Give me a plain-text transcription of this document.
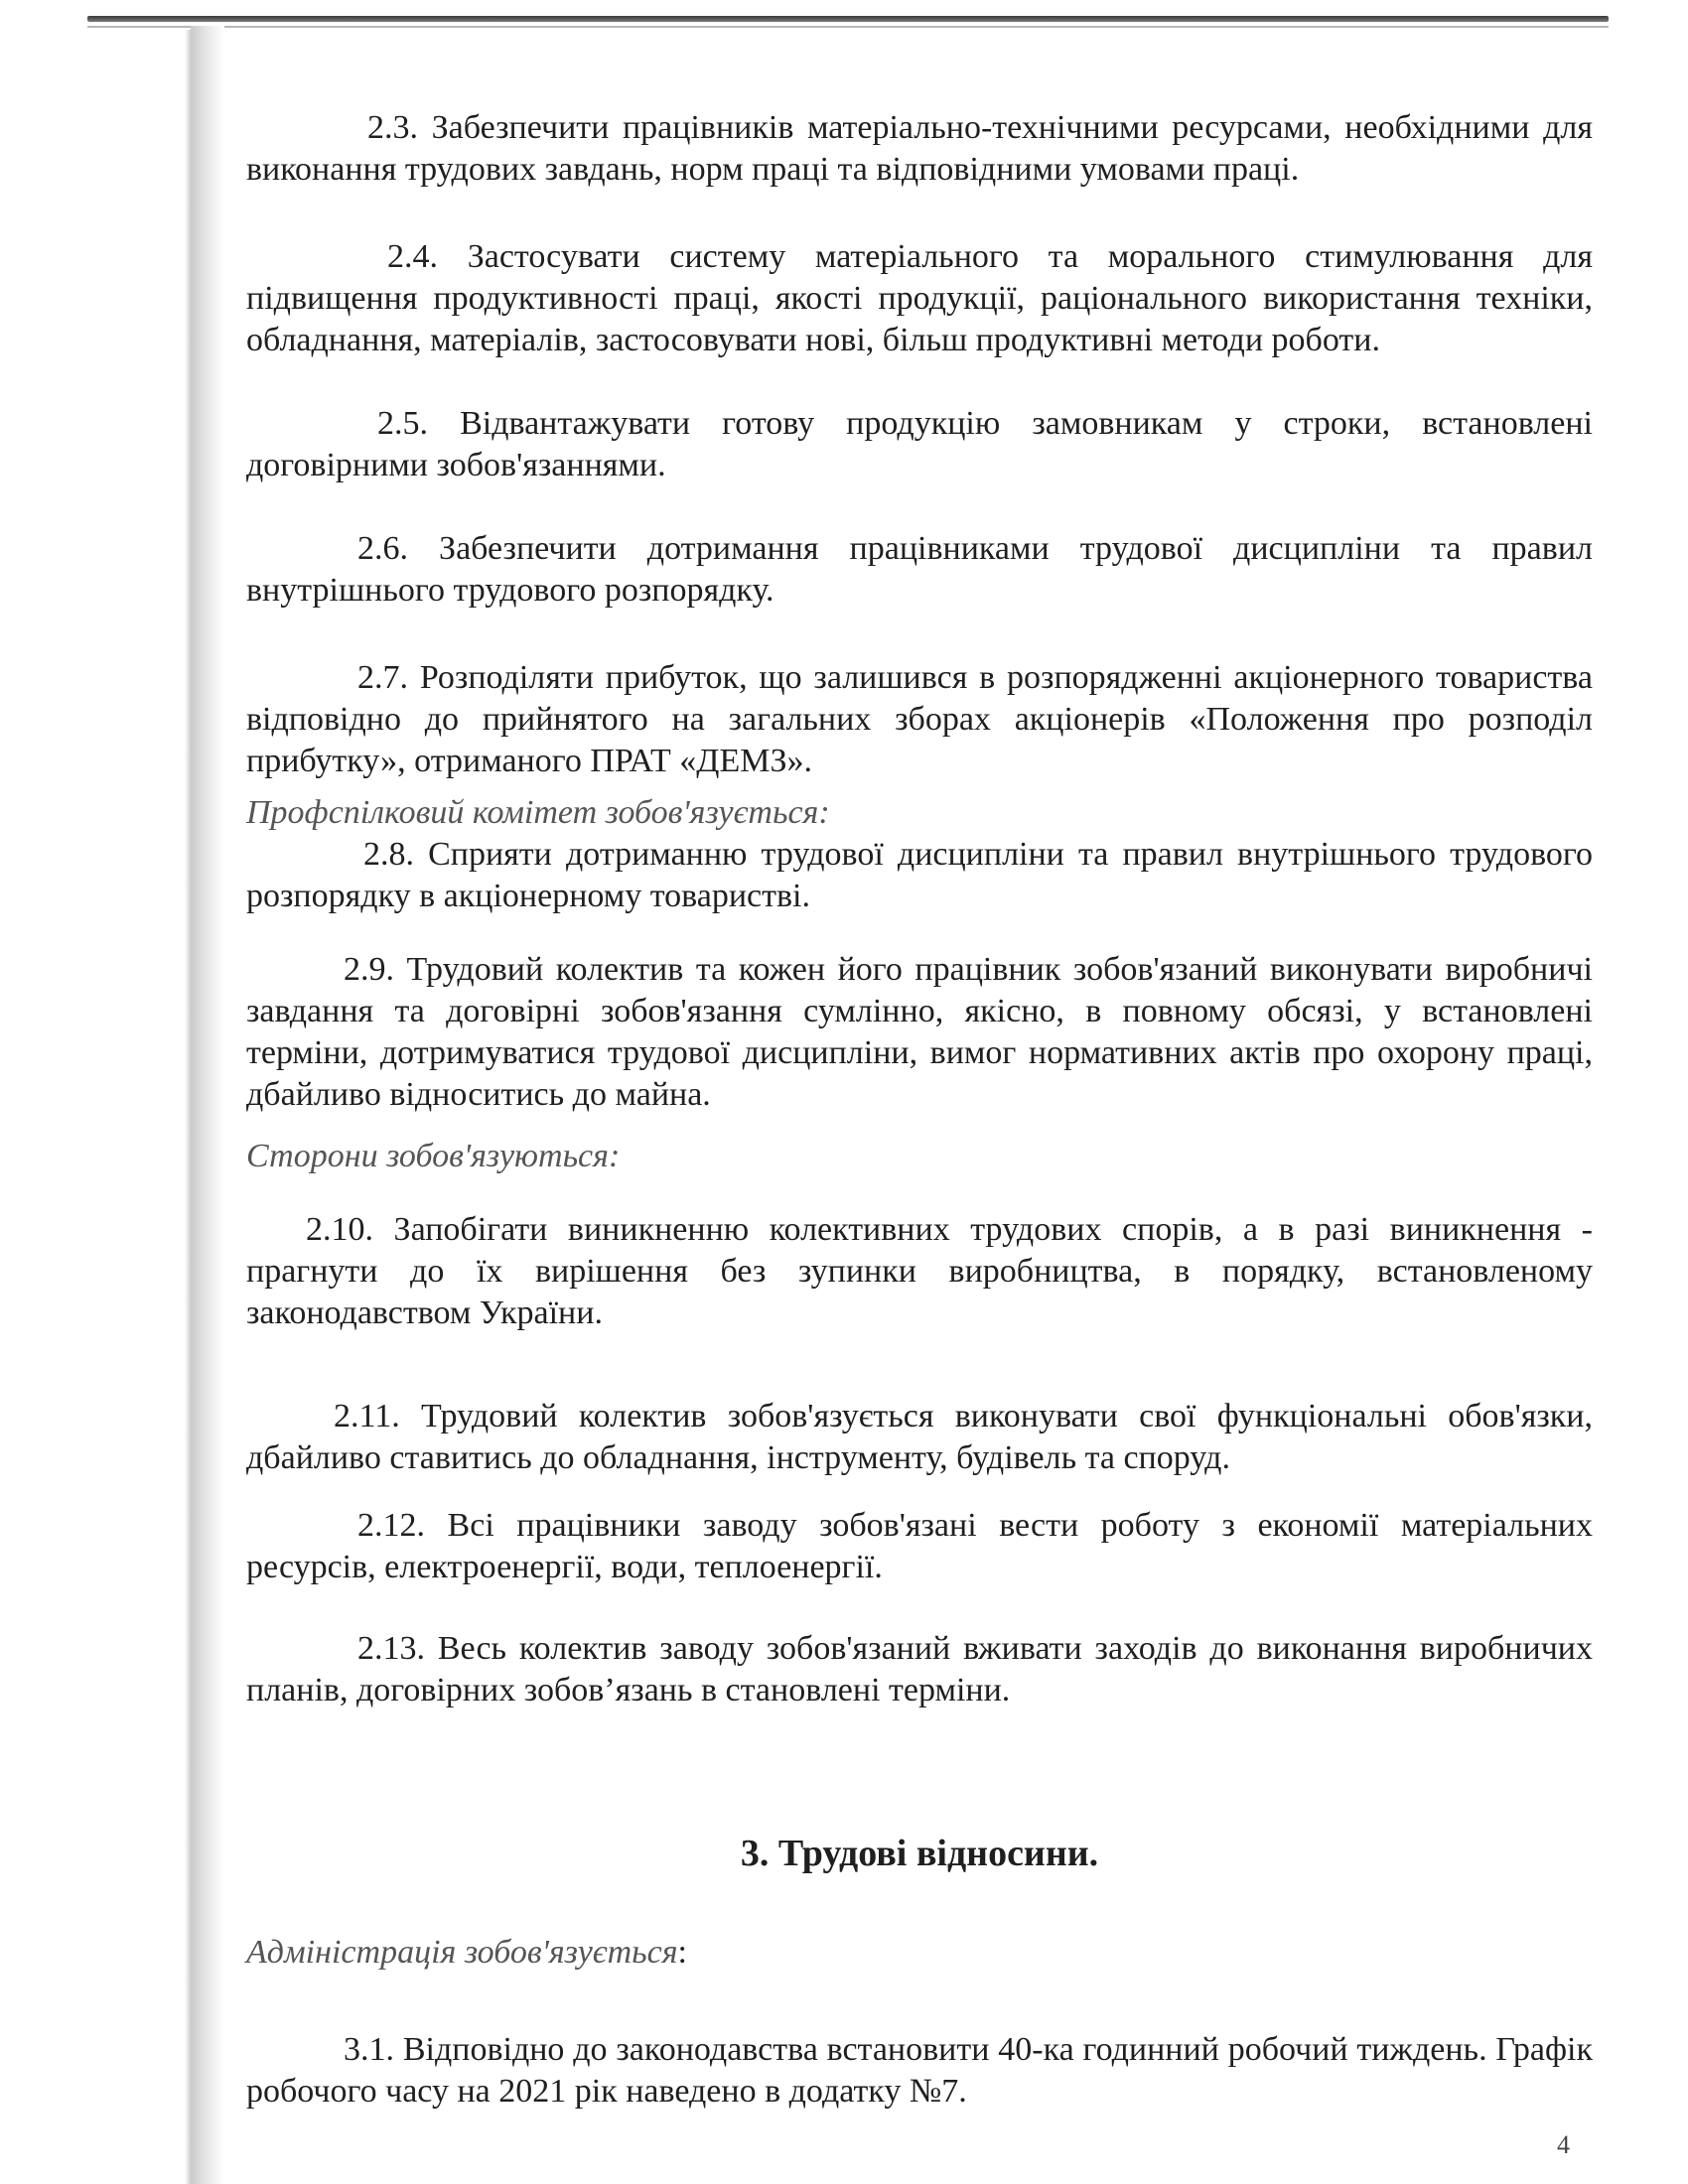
2.3. Забезпечити працівників матеріально-технічними ресурсами, необхідними для виконання трудових завдань, норм праці та відповідними умовами праці.

2.4. Застосувати систему матеріального та морального стимулювання для підвищення продуктивності праці, якості продукції, раціонального використання техніки, обладнання, матеріалів, застосовувати нові, більш продуктивні методи роботи.

2.5. Відвантажувати готову продукцію замовникам у строки, встановлені договірними зобов'язаннями.

2.6. Забезпечити дотримання працівниками трудової дисципліни та правил внутрішнього трудового розпорядку.

2.7. Розподіляти прибуток, що залишився в розпорядженні акціонерного товариства відповідно до прийнятого на загальних зборах акціонерів «Положення про розподіл прибутку», отриманого ПРАТ «ДЕМЗ».

Профспілковий комітет зобов'язується:

2.8. Сприяти дотриманню трудової дисципліни та правил внутрішнього трудового розпорядку в акціонерному товаристві.

2.9. Трудовий колектив та кожен його працівник зобов'язаний виконувати виробничі завдання та договірні зобов'язання сумлінно, якісно, в повному обсязі, у встановлені терміни, дотримуватися трудової дисципліни, вимог нормативних актів про охорону праці, дбайливо відноситись до майна.

Сторони зобов'язуються:

2.10. Запобігати виникненню колективних трудових спорів, а в разі виникнення - прагнути до їх вирішення без зупинки виробництва, в порядку, встановленому законодавством України.

2.11. Трудовий колектив зобов'язується виконувати свої функціональні обов'язки, дбайливо ставитись до обладнання, інструменту, будівель та споруд.

2.12. Всі працівники заводу зобов'язані вести роботу з економії матеріальних ресурсів, електроенергії, води, теплоенергії.

2.13. Весь колектив заводу зобов'язаний вживати заходів до виконання виробничих планів, договірних зобов’язань в становлені терміни.

3. Трудові відносини.

Адміністрація зобов'язується:

3.1. Відповідно до законодавства встановити 40-ка годинний робочий тиждень. Графік робочого часу на 2021 рік наведено в додатку №7.

4
